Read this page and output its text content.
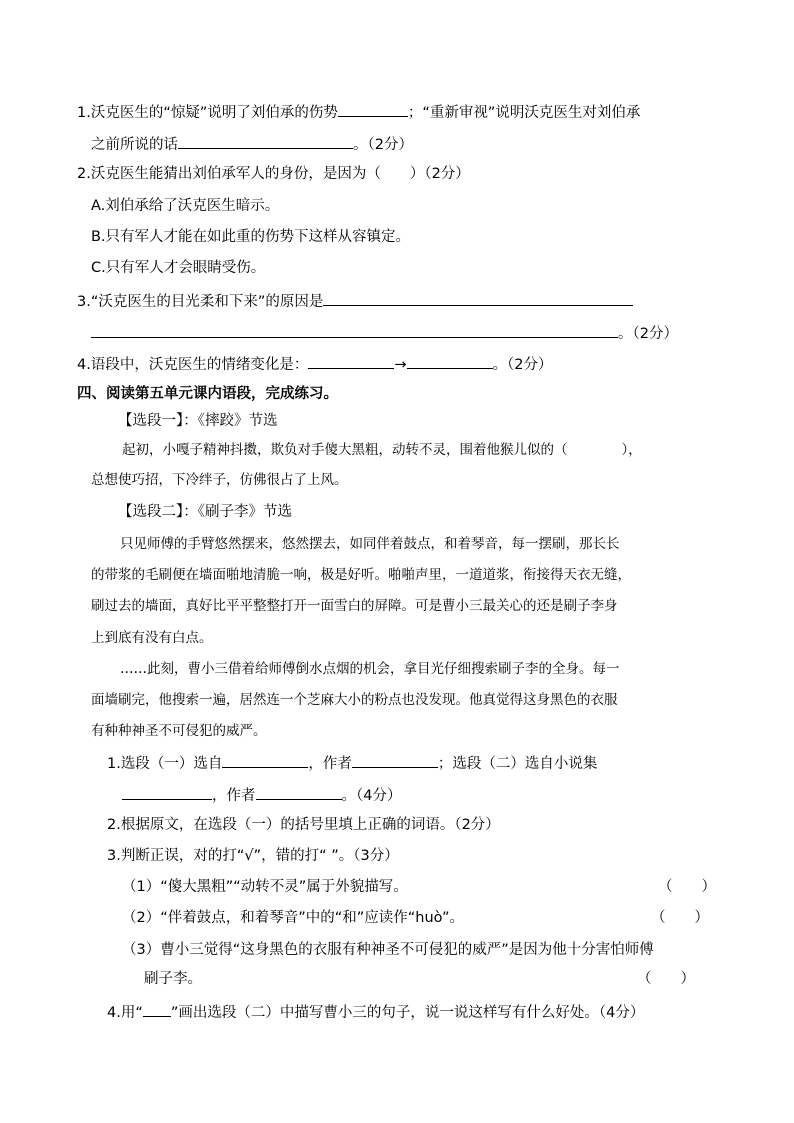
1.沃克医生的“惊疑”说明了刘伯承的伤势	；“重新审视”说明沃克医生对刘伯承
之前所说的话	。（2分）
2.沃克医生能猜出刘伯承军人的身份，是因为（　　）（2分）
A.刘伯承给了沃克医生暗示。
B.只有军人才能在如此重的伤势下这样从容镇定。
C.只有军人才会眼睛受伤。
3.“沃克医生的目光柔和下来”的原因是
。（2分）
4.语段中，沃克医生的情绪变化是：	→	。（2分）
四、阅读第五单元课内语段，完成练习。
【选段一】：《摔跤》节选
起初，小嘎子精神抖擞，欺负对手傻大黑粗，动转不灵，围着他猴儿似的（　　　　），
总想使巧招，下冷绊子，仿佛很占了上风。
【选段二】：《刷子李》节选
只见师傅的手臂悠然摆来，悠然摆去，如同伴着鼓点，和着琴音，每一摆刷，那长长
的带浆的毛刷便在墙面啪地清脆一响，极是好听。啪啪声里，一道道浆，衔接得天衣无缝，
刷过去的墙面，真好比平平整整打开一面雪白的屏障。可是曹小三最关心的还是刷子李身
上到底有没有白点。
……此刻，曹小三借着给师傅倒水点烟的机会，拿目光仔细搜索刷子李的全身。每一
面墙刷完，他搜索一遍，居然连一个芝麻大小的粉点也没发现。他真觉得这身黑色的衣服
有种种神圣不可侵犯的威严。
1.选段（一）选自	，作者	；选段（二）选自小说集
，作者	。（4分）
2.根据原文，在选段（一）的括号里填上正确的词语。（2分）
3.判断正误，对的打“√”，错的打“ ”。（3分）
（1）“傻大黑粗”“动转不灵”属于外貌描写。	（　　）
（2）“伴着鼓点，和着琴音”中的“和”应读作“huò”。	（　　）
（3）曹小三觉得“这身黑色的衣服有种神圣不可侵犯的威严”是因为他十分害怕师傅
刷子李。	（　　）
4.用“ ”画出选段（二）中描写曹小三的句子，说一说这样写有什么好处。（4分）
